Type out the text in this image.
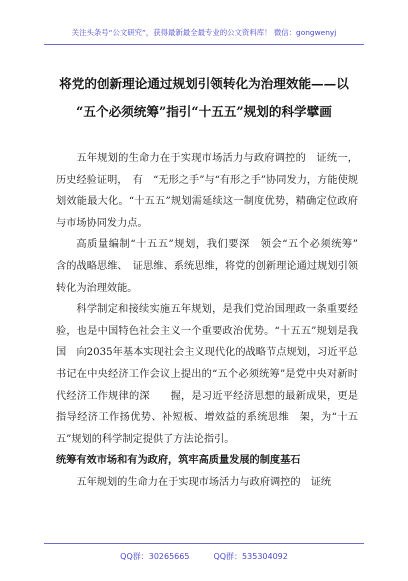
关注头条号“公文研究”，获得最新最全最专业的公文资料库！ 微信：gongwenyj
将党的创新理论通过规划引领转化为治理效能——以
“五个必须统筹”指引“十五五”规划的科学擘画

五年规划的生命力在于实现市场活力与政府调控的　证统一，历史经验证明，　有　“无形之手”与“有形之手”协同发力，方能使规划效能最大化。“十五五”规划需延续这一制度优势，精确定位政府与市场协同发力点。

高质量编制“十五五”规划，我们要深　领会“五个必须统筹”　含的战略思维、　证思维、系统思维，将党的创新理论通过规划引领转化为治理效能。

科学制定和接续实施五年规划，是我们党治国理政一条重要经验，也是中国特色社会主义一个重要政治优势。“十五五”规划是我国　向2035年基本实现社会主义现代化的战略节点规划，习近平总书记在中央经济工作会议上提出的“五个必须统筹”是党中央对新时代经济工作规律的深　　握，是习近平经济思想的最新成果，更是指导经济工作扬优势、补短板、增效益的系统思维　架，为“十五五”规划的科学制定提供了方法论指引。

统筹有效市场和有为政府，筑牢高质量发展的制度基石

五年规划的生命力在于实现市场活力与政府调控的　证统

QQ群：30265665　　　QQ群：535304092
